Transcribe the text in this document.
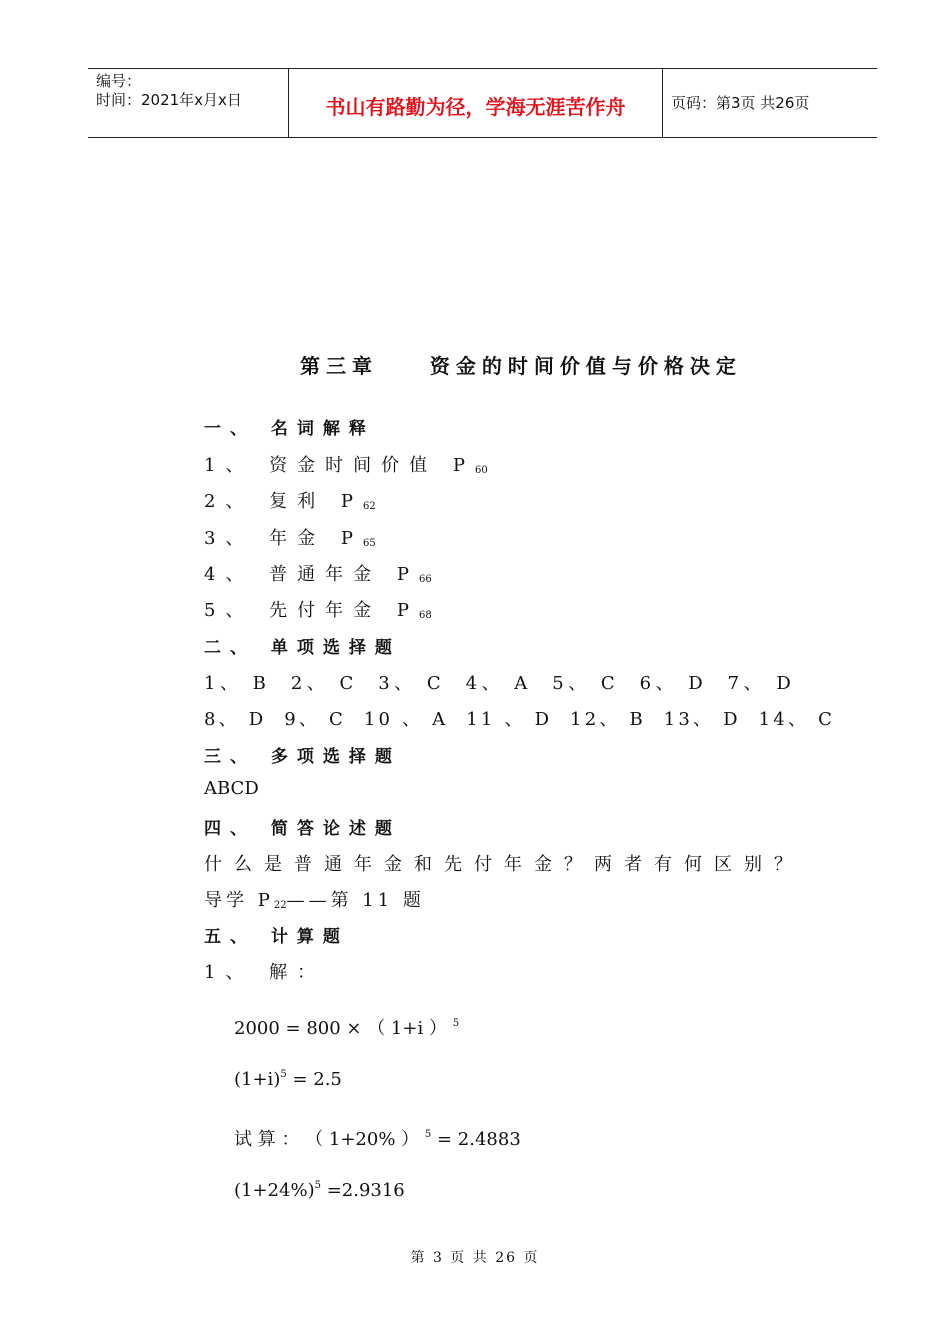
编号：
时间：2021年x月x日	书山有路勤为径，学海无涯苦作舟	页码：第3页 共26页
第三章    资金的时间价值与价格决定
一、 名词解释
1、 资金时间价值 $P_{60}$
2、 复利 $P_{62}$
3、 年金 $P_{65}$
4、 普通年金 $P_{66}$
5、 先付年金 $P_{68}$
二、 单项选择题
1、 B  2、 C  3、 C  4、 A  5、 C  6、 D  7、 D
8、 D  9、 C  10 、 A  11 、 D  12、 B  13、 D  14、 C
三、 多项选择题
ABCD
四、 简答论述题
什么是普通年金和先付年金？两者有何区别？
导学 $P_{22}——$第 11 题
五、 计算题
1、 解：
2000 = 800 × （ 1+i ） $^5$
$(1+i)^5 = 2.5$
试 算 ： （ 1+20% ） $^5$ = 2.4883
$(1+24\%)^5 =2.9316$
第 3 页 共 26 页
